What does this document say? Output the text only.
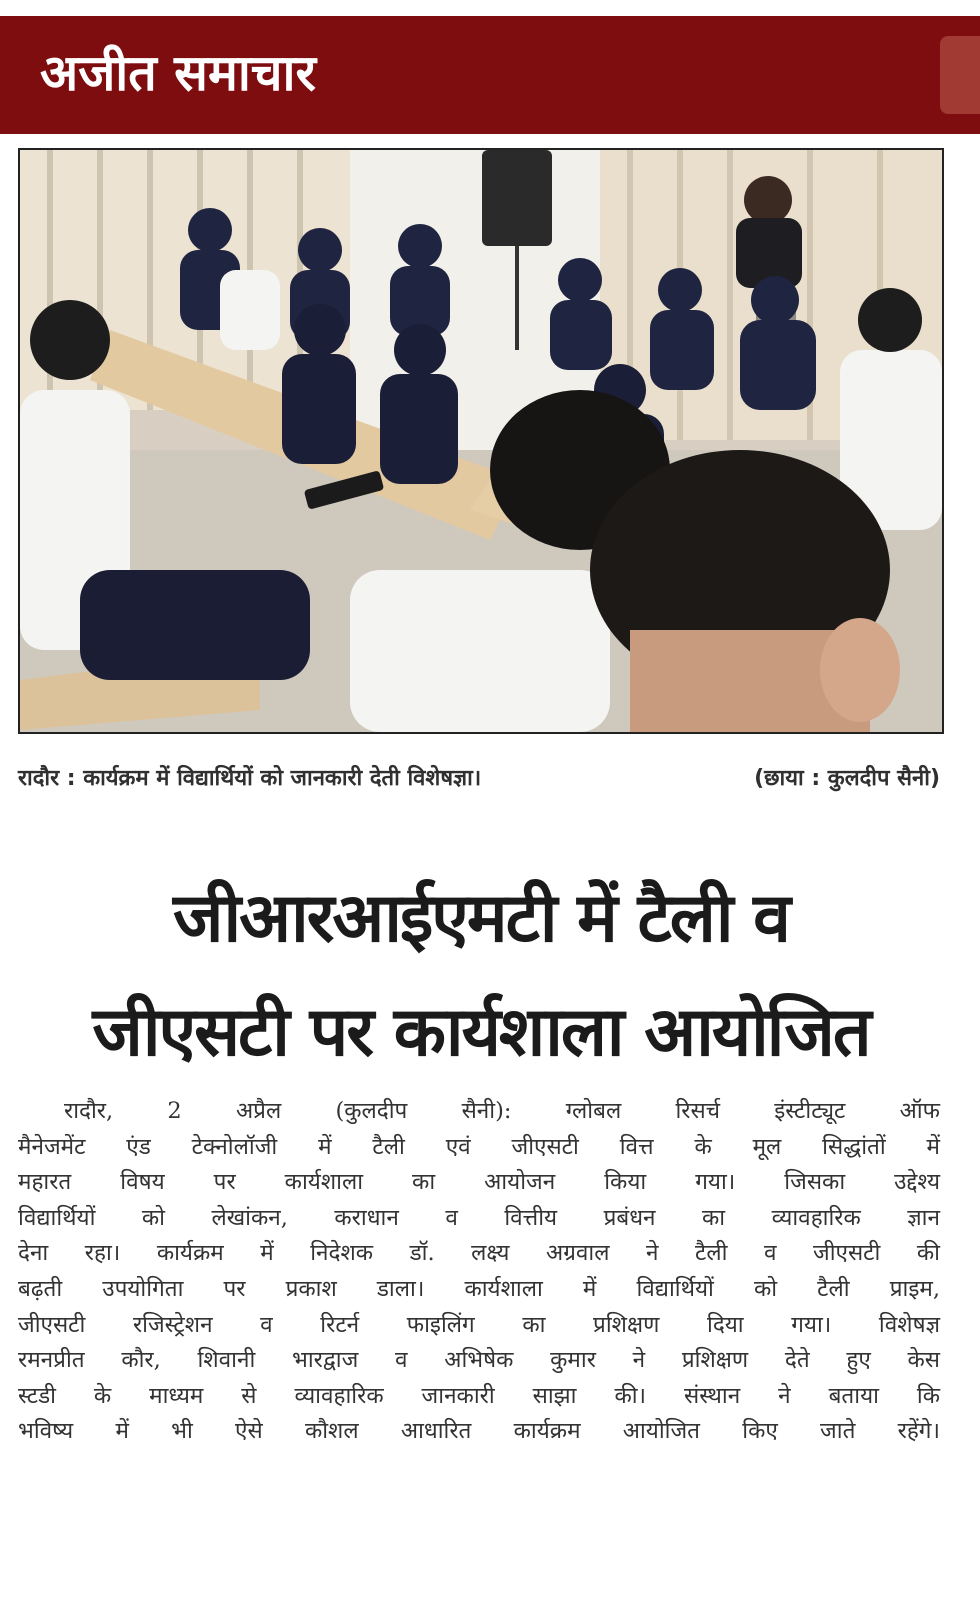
अजीत समाचार
रादौर : कार्यक्रम में विद्यार्थियों को जानकारी देती विशेषज्ञा।	(छाया : कुलदीप सैनी)
जीआरआईएमटी में टैली व
जीएसटी पर कार्यशाला आयोजित
रादौर, 2 अप्रैल (कुलदीप सैनी): ग्लोबल रिसर्च इंस्टीट्यूट ऑफ
मैनेजमेंट एंड टेक्नोलॉजी में टैली एवं जीएसटी वित्त के मूल सिद्धांतों में
महारत विषय पर कार्यशाला का आयोजन किया गया। जिसका उद्देश्य
विद्यार्थियों को लेखांकन, कराधान व वित्तीय प्रबंधन का व्यावहारिक ज्ञान
देना रहा। कार्यक्रम में निदेशक डॉ. लक्ष्य अग्रवाल ने टैली व जीएसटी की
बढ़ती उपयोगिता पर प्रकाश डाला। कार्यशाला में विद्यार्थियों को टैली प्राइम,
जीएसटी रजिस्ट्रेशन व रिटर्न फाइलिंग का प्रशिक्षण दिया गया। विशेषज्ञ
रमनप्रीत कौर, शिवानी भारद्वाज व अभिषेक कुमार ने प्रशिक्षण देते हुए केस
स्टडी के माध्यम से व्यावहारिक जानकारी साझा की। संस्थान ने बताया कि
भविष्य में भी ऐसे कौशल आधारित कार्यक्रम आयोजित किए जाते रहेंगे।
